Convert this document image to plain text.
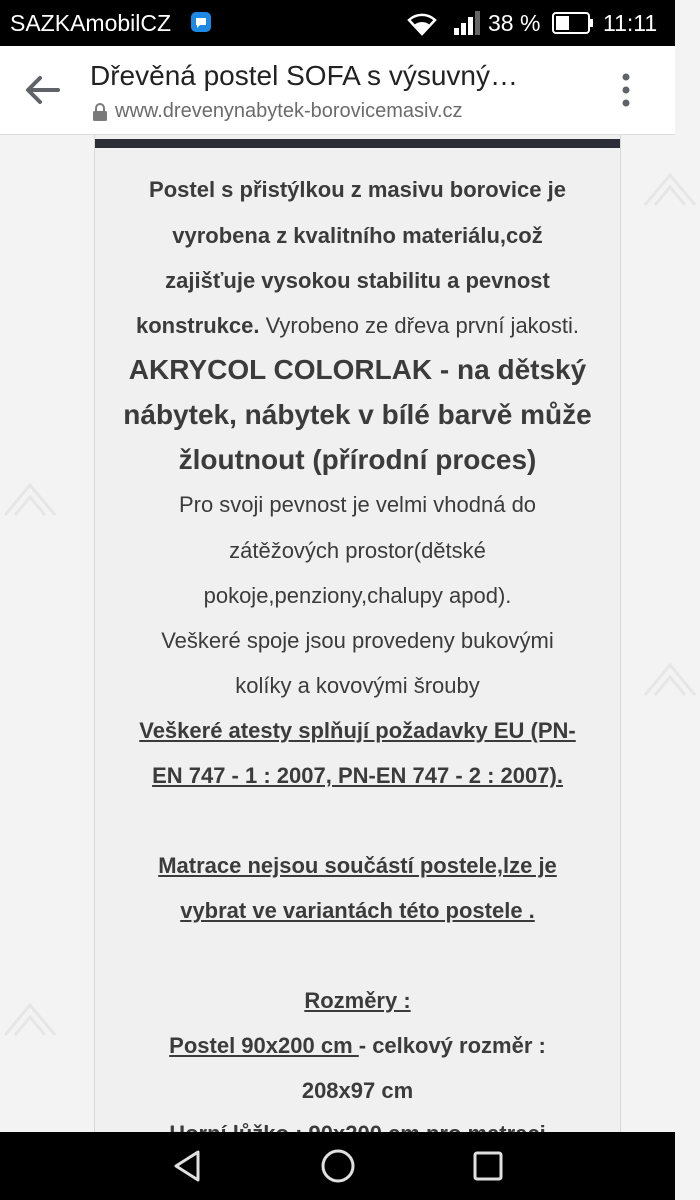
SAZKAmobilCZ	38 %	11:11
Dřevěná postel SOFA s výsuvný…
www.drevenynabytek-borovicemasiv.cz
Postel s přistýlkou z masivu borovice je
vyrobena z kvalitního materiálu,což
zajišťuje vysokou stabilitu a pevnost
konstrukce. Vyrobeno ze dřeva první jakosti.
AKRYCOL COLORLAK - na dětský
nábytek, nábytek v bílé barvě může
žloutnout (přírodní proces)
Pro svoji pevnost je velmi vhodná do
zátěžových prostor(dětské
pokoje,penziony,chalupy apod).
Veškeré spoje jsou provedeny bukovými
kolíky a kovovými šrouby
Veškeré atesty splňují požadavky EU (PN-
EN 747 - 1 : 2007, PN-EN 747 - 2 : 2007).
Matrace nejsou součástí postele,lze je
vybrat ve variantách této postele .
Rozměry :
Postel 90x200 cm - celkový rozměr :
208x97 cm
